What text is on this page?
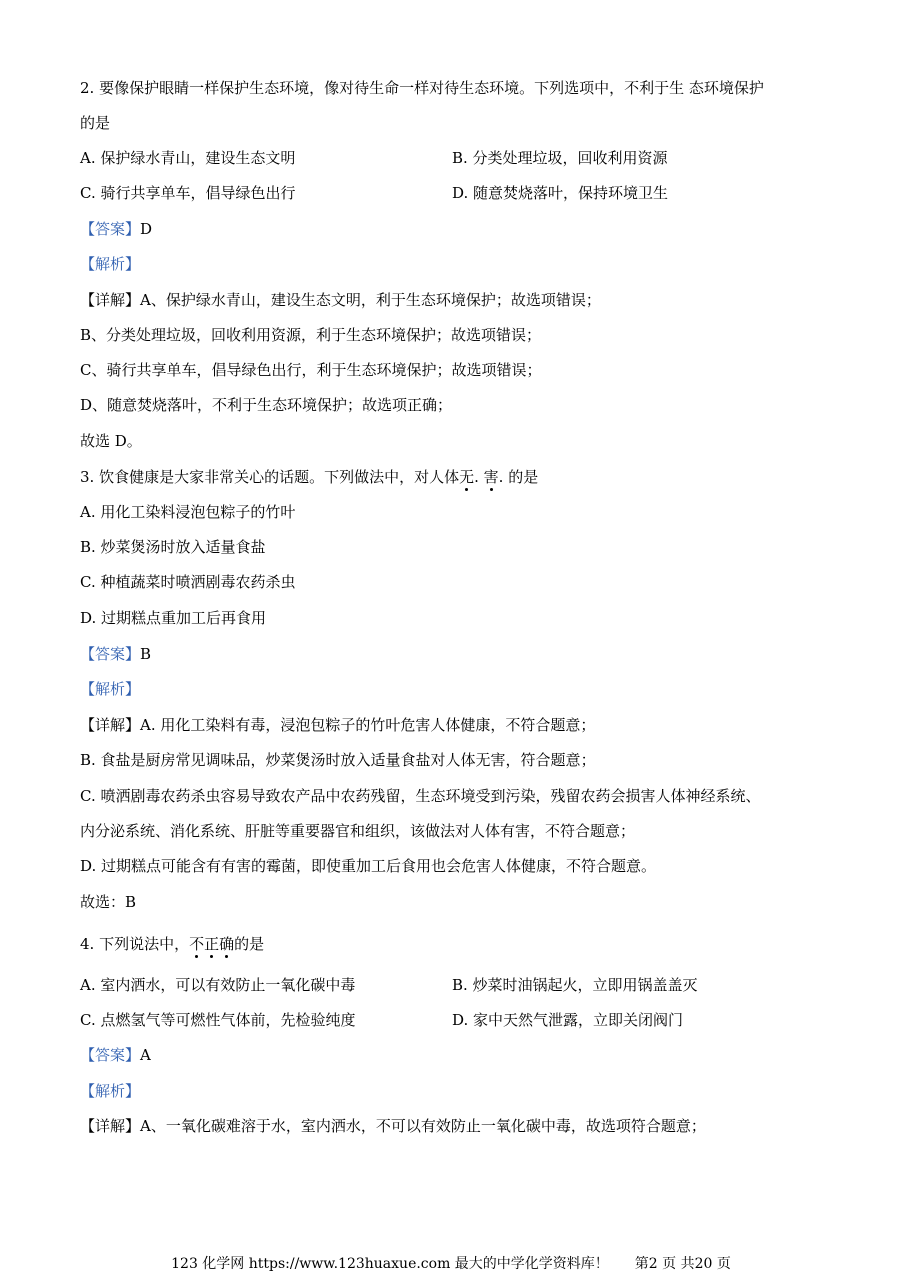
2. 要像保护眼睛一样保护生态环境，像对待生命一样对待生态环境。下列选项中，不利于生 态环境保护
的是
A. 保护绿水青山，建设生态文明	B. 分类处理垃圾，回收利用资源
C. 骑行共享单车，倡导绿色出行	D. 随意焚烧落叶，保持环境卫生
【答案】D
【解析】
【详解】A、保护绿水青山，建设生态文明，利于生态环境保护；故选项错误；
B、分类处理垃圾，回收利用资源，利于生态环境保护；故选项错误；
C、骑行共享单车，倡导绿色出行，利于生态环境保护；故选项错误；
D、随意焚烧落叶，不利于生态环境保护；故选项正确；
故选 D。
3. 饮食健康是大家非常关心的话题。下列做法中，对人体无. 害. 的是
A. 用化工染料浸泡包粽子的竹叶
B. 炒菜煲汤时放入适量食盐
C. 种植蔬菜时喷洒剧毒农药杀虫
D. 过期糕点重加工后再食用
【答案】B
【解析】
【详解】A. 用化工染料有毒，浸泡包粽子的竹叶危害人体健康，不符合题意；
B. 食盐是厨房常见调味品，炒菜煲汤时放入适量食盐对人体无害，符合题意；
C. 喷洒剧毒农药杀虫容易导致农产品中农药残留，生态环境受到污染，残留农药会损害人体神经系统、
内分泌系统、消化系统、肝脏等重要器官和组织，该做法对人体有害，不符合题意；
D. 过期糕点可能含有有害的霉菌，即使重加工后食用也会危害人体健康，不符合题意。
故选：B
4. 下列说法中，不正确的是
A. 室内洒水，可以有效防止一氧化碳中毒	B. 炒菜时油锅起火，立即用锅盖盖灭
C. 点燃氢气等可燃性气体前，先检验纯度	D. 家中天然气泄露，立即关闭阀门
【答案】A
【解析】
【详解】A、一氧化碳难溶于水，室内洒水，不可以有效防止一氧化碳中毒，故选项符合题意；
123 化学网 https://www.123huaxue.com 最大的中学化学资料库！ 第2 页 共20 页
